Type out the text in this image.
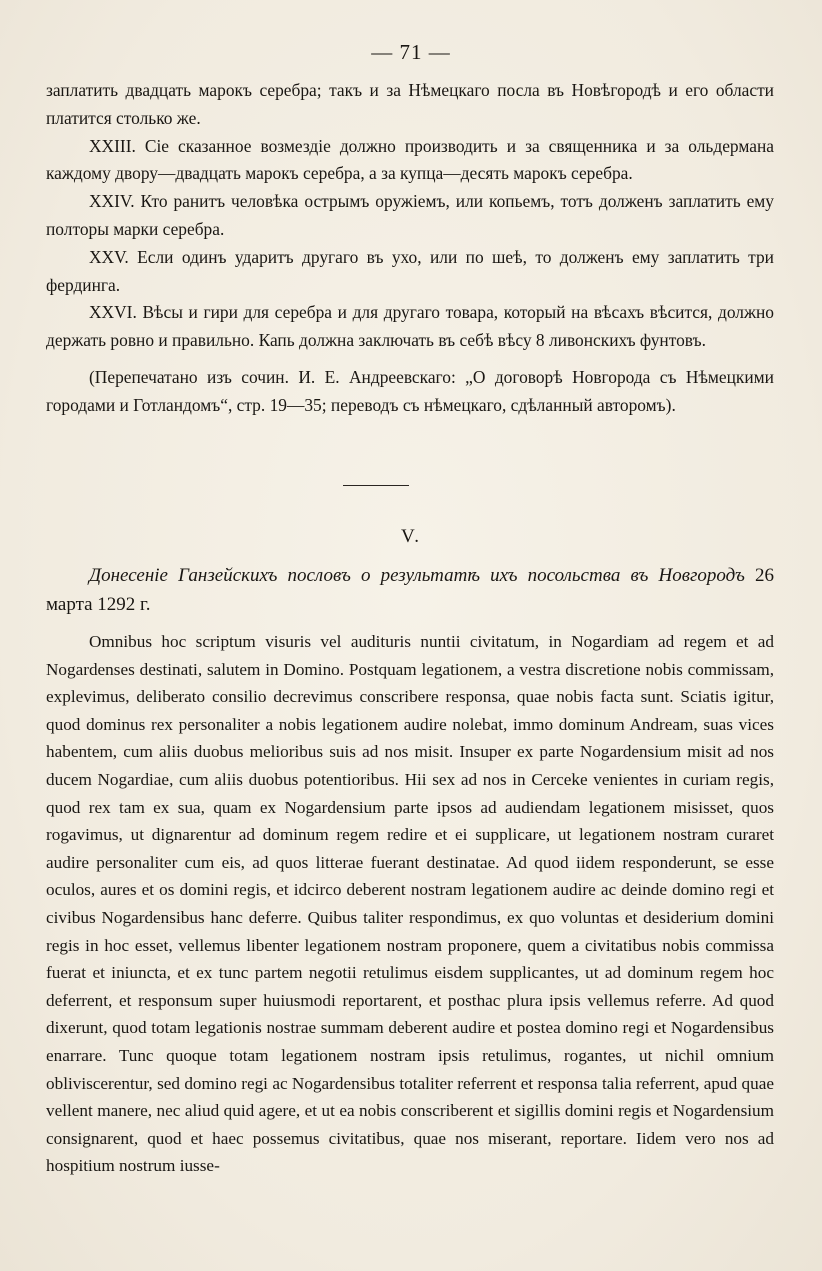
— 71 —

заплатить двадцать марокъ серебра; такъ и за Нѣмецкаго посла въ Новѣгородѣ и его области платится столько же.

XXIII. Сіе сказанное возмездіе должно производить и за священника и за ольдермана каждому двору—двадцать марокъ серебра, а за купца—десять марокъ серебра.

XXIV. Кто ранитъ человѣка острымъ оружіемъ, или копьемъ, тотъ долженъ заплатить ему полторы марки серебра.

XXV. Если одинъ ударитъ другаго въ ухо, или по шеѣ, то долженъ ему заплатить три фердинга.

XXVI. Вѣсы и гири для серебра и для другаго товара, который на вѣсахъ вѣсится, должно держать ровно и правильно. Капь должна заключать въ себѣ вѣсу 8 ливонскихъ фунтовъ.

(Перепечатано изъ сочин. И. Е. Андреевскаго: „О договорѣ Новгорода съ Нѣмецкими городами и Готландомъ“, стр. 19—35; переводъ съ нѣмецкаго, сдѣланный авторомъ).

V.
Донесеніе Ганзейскихъ пословъ о результатѣ ихъ посольства въ Новгородъ 26 марта 1292 г.

Omnibus hoc scriptum visuris vel audituris nuntii civitatum, in Nogardiam ad regem et ad Nogardenses destinati, salutem in Domino. Postquam legationem, a vestra discretione nobis commissam, explevimus, deliberato consilio decrevimus conscribere responsa, quae nobis facta sunt. Sciatis igitur, quod dominus rex personaliter a nobis legationem audire nolebat, immo dominum Andream, suas vices habentem, cum aliis duobus melioribus suis ad nos misit. Insuper ex parte Nogardensium misit ad nos ducem Nogardiae, cum aliis duobus potentioribus. Hii sex ad nos in Cerceke venientes in curiam regis, quod rex tam ex sua, quam ex Nogardensium parte ipsos ad audiendam legationem misisset, quos rogavimus, ut dignarentur ad dominum regem redire et ei supplicare, ut legationem nostram curaret audire personaliter cum eis, ad quos litterae fuerant destinatae. Ad quod iidem responderunt, se esse oculos, aures et os domini regis, et idcirco deberent nostram legationem audire ac deinde domino regi et civibus Nogardensibus hanc deferre. Quibus taliter respondimus, ex quo voluntas et desiderium domini regis in hoc esset, vellemus libenter legationem nostram proponere, quem a civitatibus nobis commissa fuerat et iniuncta, et ex tunc partem negotii retulimus eisdem supplicantes, ut ad dominum regem hoc deferrent, et responsum super huiusmodi reportarent, et posthac plura ipsis vellemus referre. Ad quod dixerunt, quod totam legationis nostrae summam deberent audire et postea domino regi et Nogardensibus enarrare. Tunc quoque totam legationem nostram ipsis retulimus, rogantes, ut nichil omnium obliviscerentur, sed domino regi ac Nogardensibus totaliter referrent et responsa talia referrent, apud quae vellent manere, nec aliud quid agere, et ut ea nobis conscriberent et sigillis domini regis et Nogardensium consignarent, quod et haec possemus civitatibus, quae nos miserant, reportare. Iidem vero nos ad hospitium nostrum iusse-
